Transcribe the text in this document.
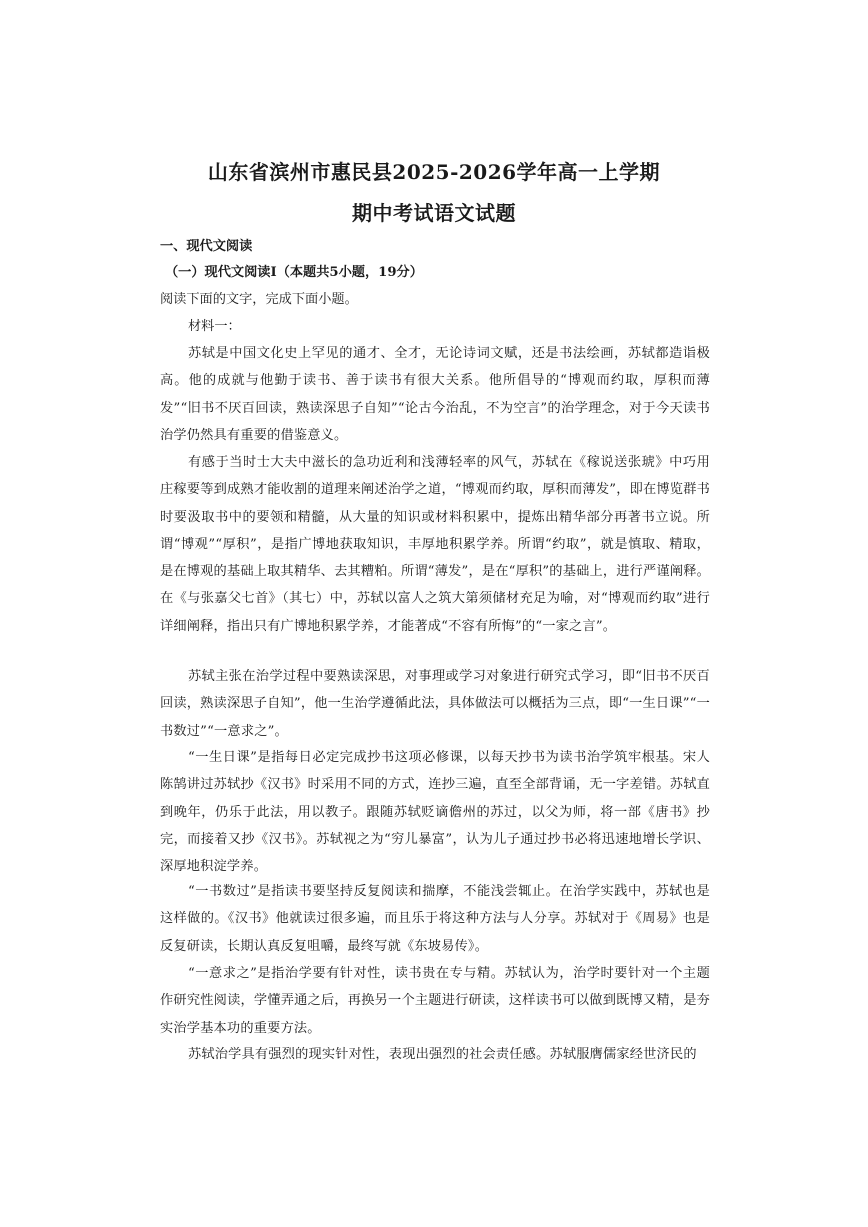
山东省滨州市惠民县2025-2026学年高一上学期
期中考试语文试题
一、现代文阅读
（一）现代文阅读Ⅰ（本题共5小题，19分）
阅读下面的文字，完成下面小题。
材料一：
苏轼是中国文化史上罕见的通才、全才，无论诗词文赋，还是书法绘画，苏轼都造诣极高。他的成就与他勤于读书、善于读书有很大关系。他所倡导的“博观而约取，厚积而薄发”“旧书不厌百回读，熟读深思子自知”“论古今治乱，不为空言”的治学理念，对于今天读书治学仍然具有重要的借鉴意义。
有感于当时士大夫中滋长的急功近利和浅薄轻率的风气，苏轼在《稼说送张琥》中巧用庄稼要等到成熟才能收割的道理来阐述治学之道，“博观而约取，厚积而薄发”，即在博览群书时要汲取书中的要领和精髓，从大量的知识或材料积累中，提炼出精华部分再著书立说。所谓“博观”“厚积”，是指广博地获取知识，丰厚地积累学养。所谓“约取”，就是慎取、精取，是在博观的基础上取其精华、去其糟粕。所谓“薄发”，是在“厚积”的基础上，进行严谨阐释。在《与张嘉父七首》（其七）中，苏轼以富人之筑大第须储材充足为喻，对“博观而约取”进行详细阐释，指出只有广博地积累学养，才能著成“不容有所悔”的“一家之言”。
苏轼主张在治学过程中要熟读深思，对事理或学习对象进行研究式学习，即“旧书不厌百回读，熟读深思子自知”，他一生治学遵循此法，具体做法可以概括为三点，即“一生日课”“一书数过”“一意求之”。
“一生日课”是指每日必定完成抄书这项必修课，以每天抄书为读书治学筑牢根基。宋人陈鹄讲过苏轼抄《汉书》时采用不同的方式，连抄三遍，直至全部背诵，无一字差错。苏轼直到晚年，仍乐于此法，用以教子。跟随苏轼贬谪儋州的苏过，以父为师，将一部《唐书》抄完，而接着又抄《汉书》。苏轼视之为“穷儿暴富”，认为儿子通过抄书必将迅速地增长学识、深厚地积淀学养。
“一书数过”是指读书要坚持反复阅读和揣摩，不能浅尝辄止。在治学实践中，苏轼也是这样做的。《汉书》他就读过很多遍，而且乐于将这种方法与人分享。苏轼对于《周易》也是反复研读，长期认真反复咀嚼，最终写就《东坡易传》。
“一意求之”是指治学要有针对性，读书贵在专与精。苏轼认为，治学时要针对一个主题作研究性阅读，学懂弄通之后，再换另一个主题进行研读，这样读书可以做到既博又精，是夯实治学基本功的重要方法。
苏轼治学具有强烈的现实针对性，表现出强烈的社会责任感。苏轼服膺儒家经世济民的
